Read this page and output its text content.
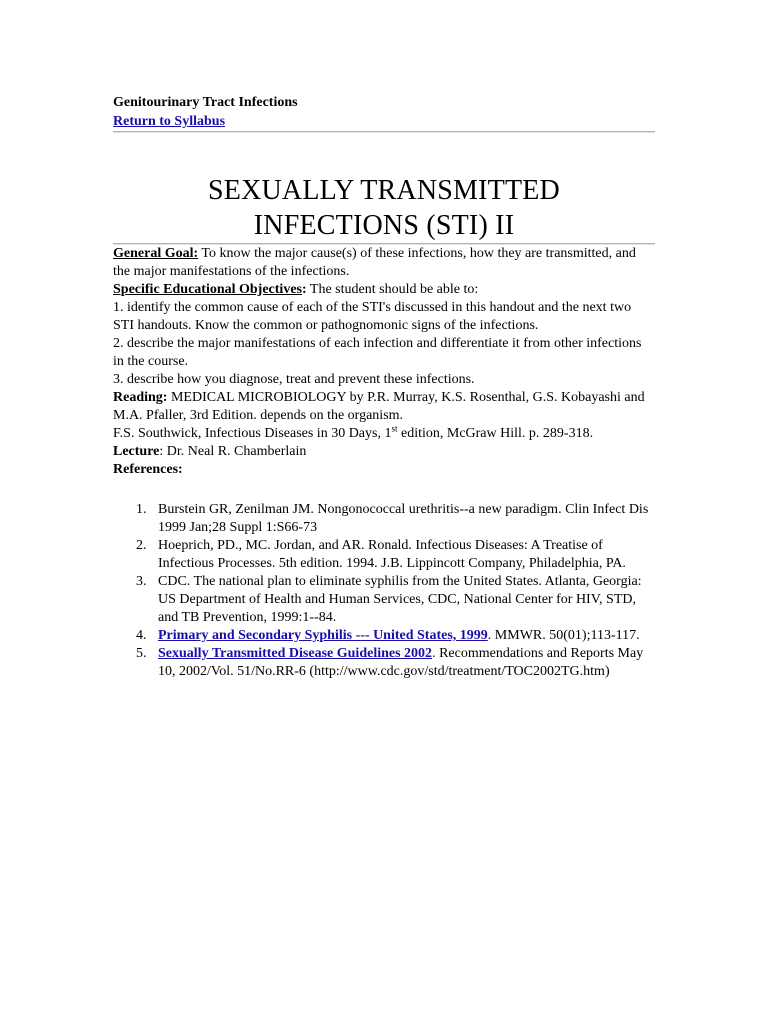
Genitourinary Tract Infections
Return to Syllabus
SEXUALLY TRANSMITTED
INFECTIONS (STI) II

General Goal: To know the major cause(s) of these infections, how they are transmitted, and the major manifestations of the infections.

Specific Educational Objectives: The student should be able to:

1. identify the common cause of each of the STI's discussed in this handout and the next two STI handouts. Know the common or pathognomonic signs of the infections.

2. describe the major manifestations of each infection and differentiate it from other infections in the course.

3. describe how you diagnose, treat and prevent these infections.

Reading: MEDICAL MICROBIOLOGY by P.R. Murray, K.S. Rosenthal, G.S. Kobayashi and M.A. Pfaller, 3rd Edition. depends on the organism.

F.S. Southwick, Infectious Diseases in 30 Days, 1st edition, McGraw Hill. p. 289-318.

Lecture: Dr. Neal R. Chamberlain

References:

1. Burstein GR, Zenilman JM. Nongonococcal urethritis--a new paradigm. Clin Infect Dis 1999 Jan;28 Suppl 1:S66-73
2. Hoeprich, PD., MC. Jordan, and AR. Ronald. Infectious Diseases: A Treatise of Infectious Processes. 5th edition. 1994. J.B. Lippincott Company, Philadelphia, PA.
3. CDC. The national plan to eliminate syphilis from the United States. Atlanta, Georgia: US Department of Health and Human Services, CDC, National Center for HIV, STD, and TB Prevention, 1999:1--84.
4. Primary and Secondary Syphilis --- United States, 1999. MMWR. 50(01);113-117.
5. Sexually Transmitted Disease Guidelines 2002. Recommendations and Reports May 10, 2002/Vol. 51/No.RR-6 (http://www.cdc.gov/std/treatment/TOC2002TG.htm)
